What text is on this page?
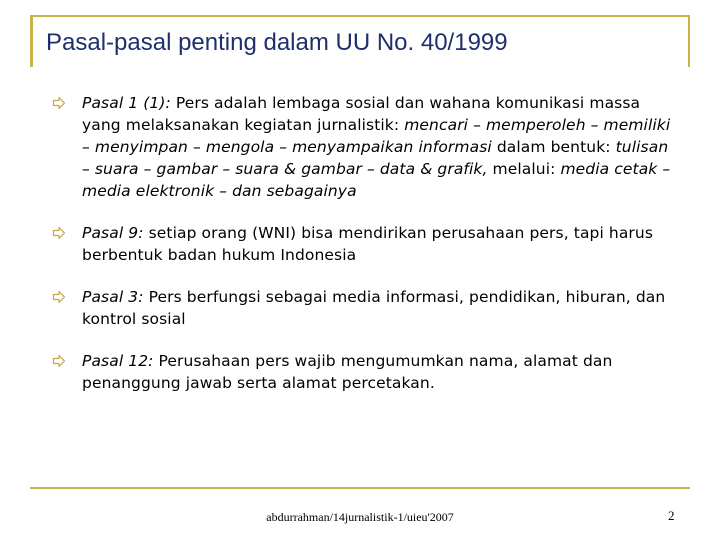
Pasal-pasal penting dalam UU No. 40/1999
Pasal 1 (1): Pers adalah lembaga sosial dan wahana komunikasi massa yang melaksanakan kegiatan jurnalistik: mencari – memperoleh – memiliki – menyimpan – mengola – menyampaikan informasi dalam bentuk: tulisan – suara – gambar – suara & gambar – data & grafik, melalui: media cetak – media elektronik – dan sebagainya
Pasal 9: setiap orang (WNI) bisa mendirikan perusahaan pers, tapi harus berbentuk badan hukum Indonesia
Pasal 3: Pers berfungsi sebagai media informasi, pendidikan, hiburan, dan kontrol sosial
Pasal 12: Perusahaan pers wajib mengumumkan nama, alamat dan penanggung jawab serta alamat percetakan.
abdurrahman/14jurnalistik-1/uieu'2007	2
